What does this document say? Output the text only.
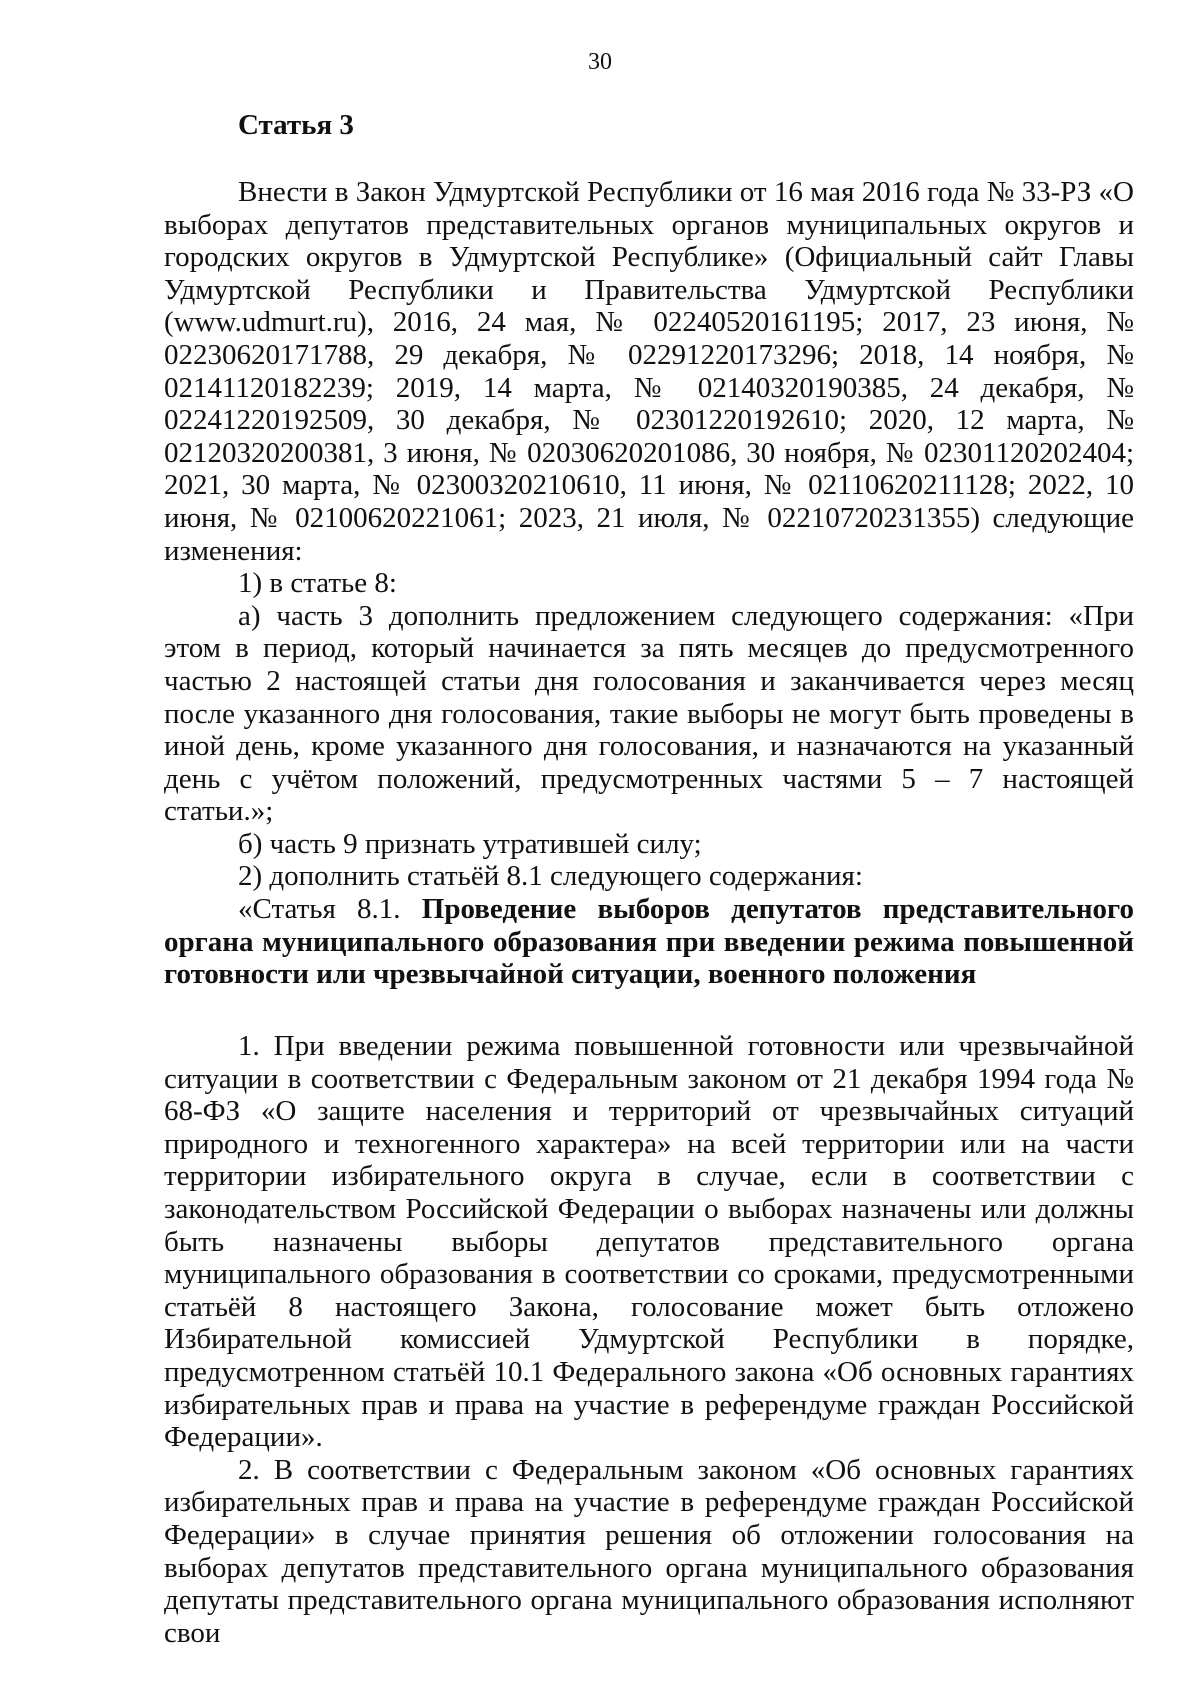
30
Статья 3

Внести в Закон Удмуртской Республики от 16 мая 2016 года № 33-РЗ «О выборах депутатов представительных органов муниципальных округов и городских округов в Удмуртской Республике» (Официальный сайт Главы Удмуртской Республики и Правительства Удмуртской Республики (www.udmurt.ru), 2016, 24 мая, № 02240520161195; 2017, 23 июня, № 02230620171788, 29 декабря, № 02291220173296; 2018, 14 ноября, № 02141120182239; 2019, 14 марта, № 02140320190385, 24 декабря, № 02241220192509, 30 декабря, № 02301220192610; 2020, 12 марта, № 02120320200381, 3 июня, № 02030620201086, 30 ноября, № 02301120202404; 2021, 30 марта, № 02300320210610, 11 июня, № 02110620211128; 2022, 10 июня, № 02100620221061; 2023, 21 июля, № 02210720231355) следующие изменения:

1) в статье 8:

а) часть 3 дополнить предложением следующего содержания: «При этом в период, который начинается за пять месяцев до предусмотренного частью 2 настоящей статьи дня голосования и заканчивается через месяц после указанного дня голосования, такие выборы не могут быть проведены в иной день, кроме указанного дня голосования, и назначаются на указанный день с учётом положений, предусмотренных частями 5 – 7 настоящей статьи.»;

б) часть 9 признать утратившей силу;

2) дополнить статьёй 8.1 следующего содержания:

«Статья 8.1. Проведение выборов депутатов представительного органа муниципального образования при введении режима повышенной готовности или чрезвычайной ситуации, военного положения

1. При введении режима повышенной готовности или чрезвычайной ситуации в соответствии с Федеральным законом от 21 декабря 1994 года № 68-ФЗ «О защите населения и территорий от чрезвычайных ситуаций природного и техногенного характера» на всей территории или на части территории избирательного округа в случае, если в соответствии с законодательством Российской Федерации о выборах назначены или должны быть назначены выборы депутатов представительного органа муниципального образования в соответствии со сроками, предусмотренными статьёй 8 настоящего Закона, голосование может быть отложено Избирательной комиссией Удмуртской Республики в порядке, предусмотренном статьёй 10.1 Федерального закона «Об основных гарантиях избирательных прав и права на участие в референдуме граждан Российской Федерации».

2. В соответствии с Федеральным законом «Об основных гарантиях избирательных прав и права на участие в референдуме граждан Российской Федерации» в случае принятия решения об отложении голосования на выборах депутатов представительного органа муниципального образования депутаты представительного органа муниципального образования исполняют свои
